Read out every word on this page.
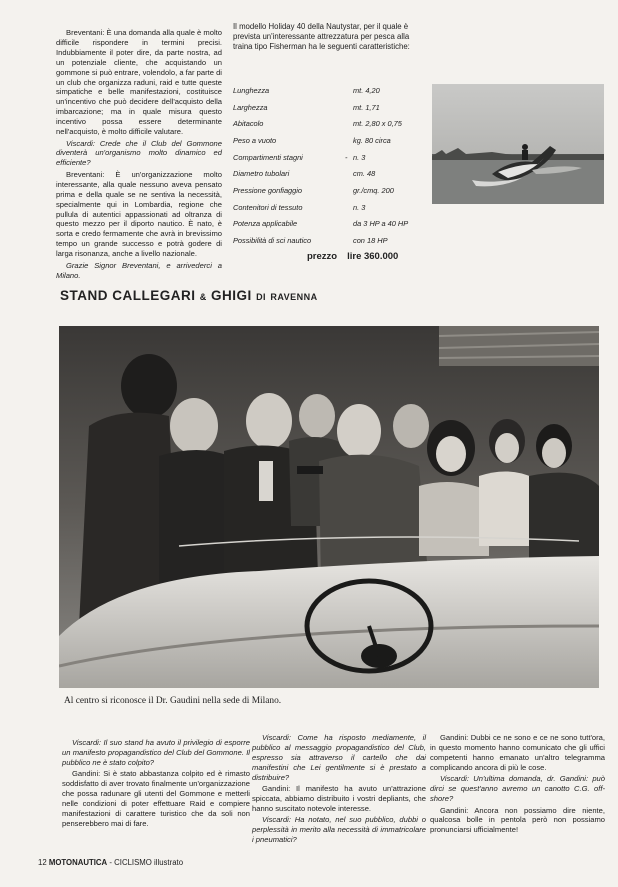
Breventani: È una domanda alla quale è molto difficile rispondere in termini precisi. Indubbiamente il poter dire, da parte nostra, ad un potenziale cliente, che acquistando un gommone si può entrare, volendolo, a far parte di un club che organizza raduni, raid e tutte queste simpatiche e belle manifestazioni, costituisce un'incentivo che può decidere dell'acquisto della imbarcazione; ma in quale misura questo incentivo possa essere determinante nell'acquisto, è molto difficile valutare.

Viscardi: Crede che il Club del Gommone diventerà un'organismo molto dinamico ed efficiente?

Breventani: È un'organizzazione molto interessante, alla quale nessuno aveva pensato prima e della quale se ne sentiva la necessità, specialmente qui in Lombardia, regione che pullula di autentici appassionati ad oltranza di questo mezzo per il diporto nautico. È nato, è sorta e credo fermamente che avrà in brevissimo tempo un grande successo e potrà godere di larga risonanza, anche a livello nazionale.

Grazie Signor Breventani, e arrivederci a Milano.

Il modello Holiday 40 della Nautystar, per il quale è prevista un'interessante attrezzatura per pesca alla traina tipo Fisherman ha le seguenti caratteristiche:
Lunghezza	mt. 4,20
Larghezza	mt. 1,71
Abitacolo	mt. 2,80 x 0,75
Peso a vuoto	kg. 80 circa
Compartimenti stagni	- n. 3
Diametro tubolari	cm. 48
Pressione gonfiaggio	gr./cmq. 200
Contenitori di tessuto	n. 3
Potenza applicabile	da 3 HP a 40 HP
Possibilità di sci nautico	con 18 HP
prezzo lire 360.000
STAND CALLEGARI & GHIGI DI RAVENNA
Al centro si riconosce il Dr. Gaudini nella sede di Milano.

Viscardi: Il suo stand ha avuto il privilegio di esporre un manifesto propagandistico del Club del Gommone. Il pubblico ne è stato colpito?

Gandini: Si è stato abbastanza colpito ed è rimasto soddisfatto di aver trovato finalmente un'organizzazione che possa radunare gli utenti del Gommone e metterli nelle condizioni di poter effettuare Raid e compiere manifestazioni di carattere turistico che da soli non penserebbero mai di fare.

Viscardi: Come ha risposto mediamente, il pubblico al messaggio propagandistico del Club, espresso sia attraverso il cartello che dai manifestini che Lei gentilmente si è prestato a distribuire?

Gandini: Il manifesto ha avuto un'attrazione spiccata, abbiamo distribuito i vostri depliants, che hanno suscitato notevole interesse.

Viscardi: Ha notato, nel suo pubblico, dubbi o perplessità in merito alla necessità di immatricolare i pneumatici?

Gandini: Dubbi ce ne sono e ce ne sono tutt'ora, in questo momento hanno comunicato che gli uffici competenti hanno emanato un'altro telegramma complicando ancora di più le cose.

Viscardi: Un'ultima domanda, dr. Gandini: può dirci se quest'anno avremo un canotto C.G. off-shore?

Gandini: Ancora non possiamo dire niente, qualcosa bolle in pentola però non possiamo pronunciarsi ufficialmente!

12 MOTONAUTICA - CICLISMO illustrato
